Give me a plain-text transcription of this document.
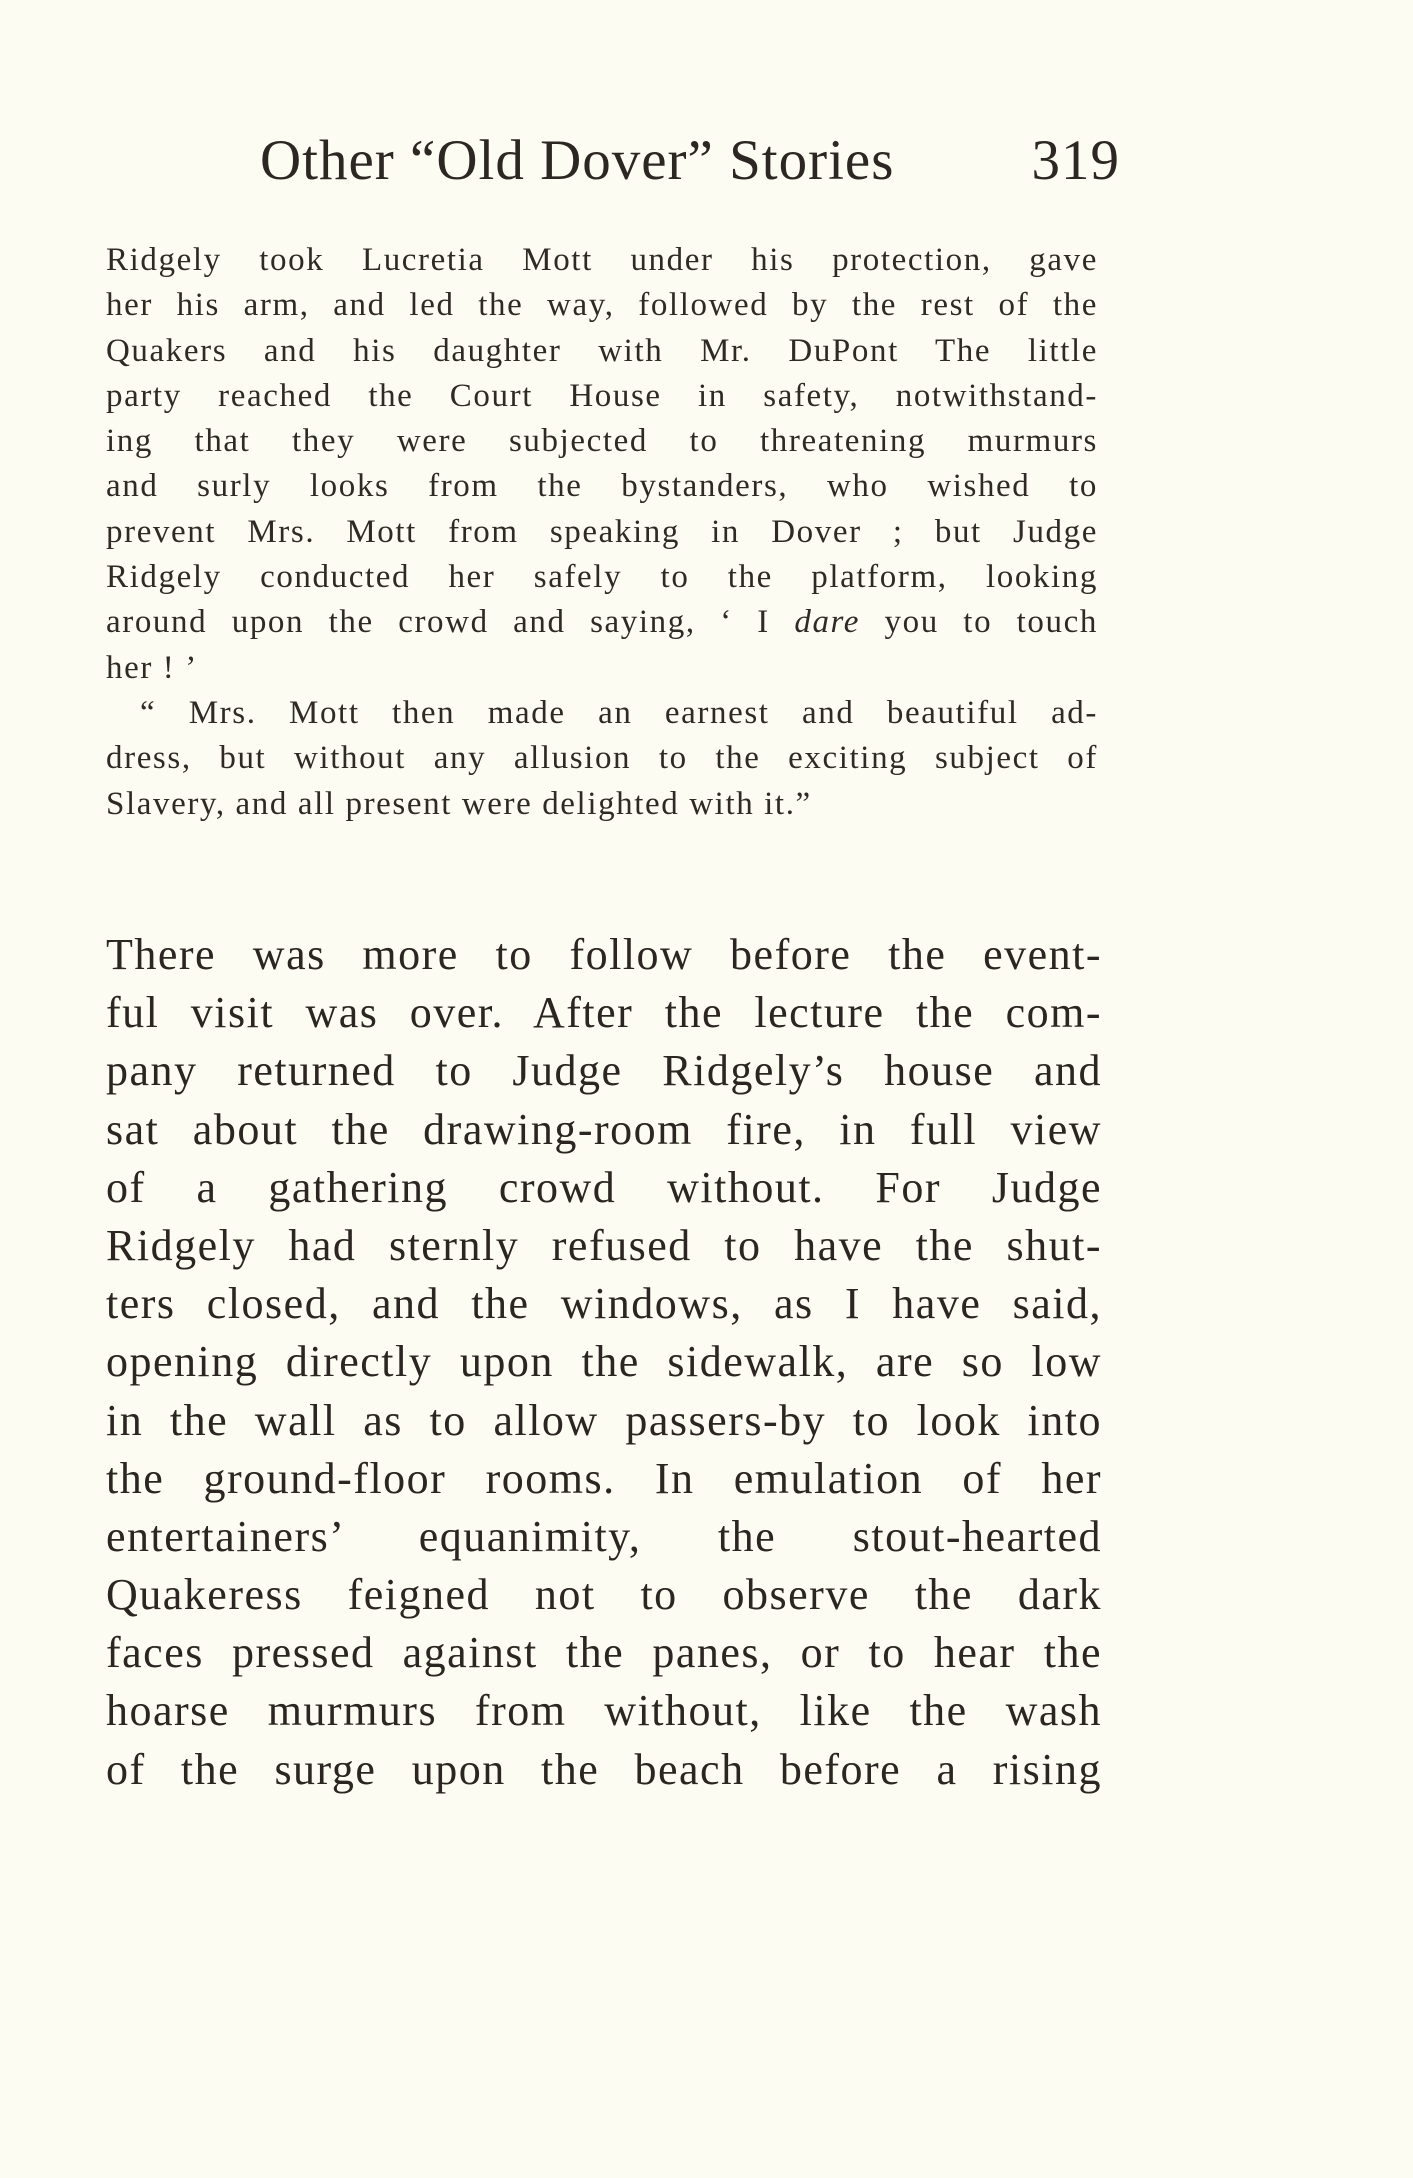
Other “Old Dover” Stories 319
Ridgely took Lucretia Mott under his protection, gave
her his arm, and led the way, followed by the rest of the
Quakers and his daughter with Mr. DuPont The little
party reached the Court House in safety, notwithstand-
ing that they were subjected to threatening murmurs
and surly looks from the bystanders, who wished to
prevent Mrs. Mott from speaking in Dover ; but Judge
Ridgely conducted her safely to the platform, looking
around upon the crowd and saying, ‘ I dare you to touch
her ! ’
“ Mrs. Mott then made an earnest and beautiful ad-
dress, but without any allusion to the exciting subject of
Slavery, and all present were delighted with it.”
There was more to follow before the event-
ful visit was over. After the lecture the com-
pany returned to Judge Ridgely’s house and
sat about the drawing-room fire, in full view
of a gathering crowd without. For Judge
Ridgely had sternly refused to have the shut-
ters closed, and the windows, as I have said,
opening directly upon the sidewalk, are so low
in the wall as to allow passers-by to look into
the ground-floor rooms. In emulation of her
entertainers’ equanimity, the stout-hearted
Quakeress feigned not to observe the dark
faces pressed against the panes, or to hear the
hoarse murmurs from without, like the wash
of the surge upon the beach before a rising
